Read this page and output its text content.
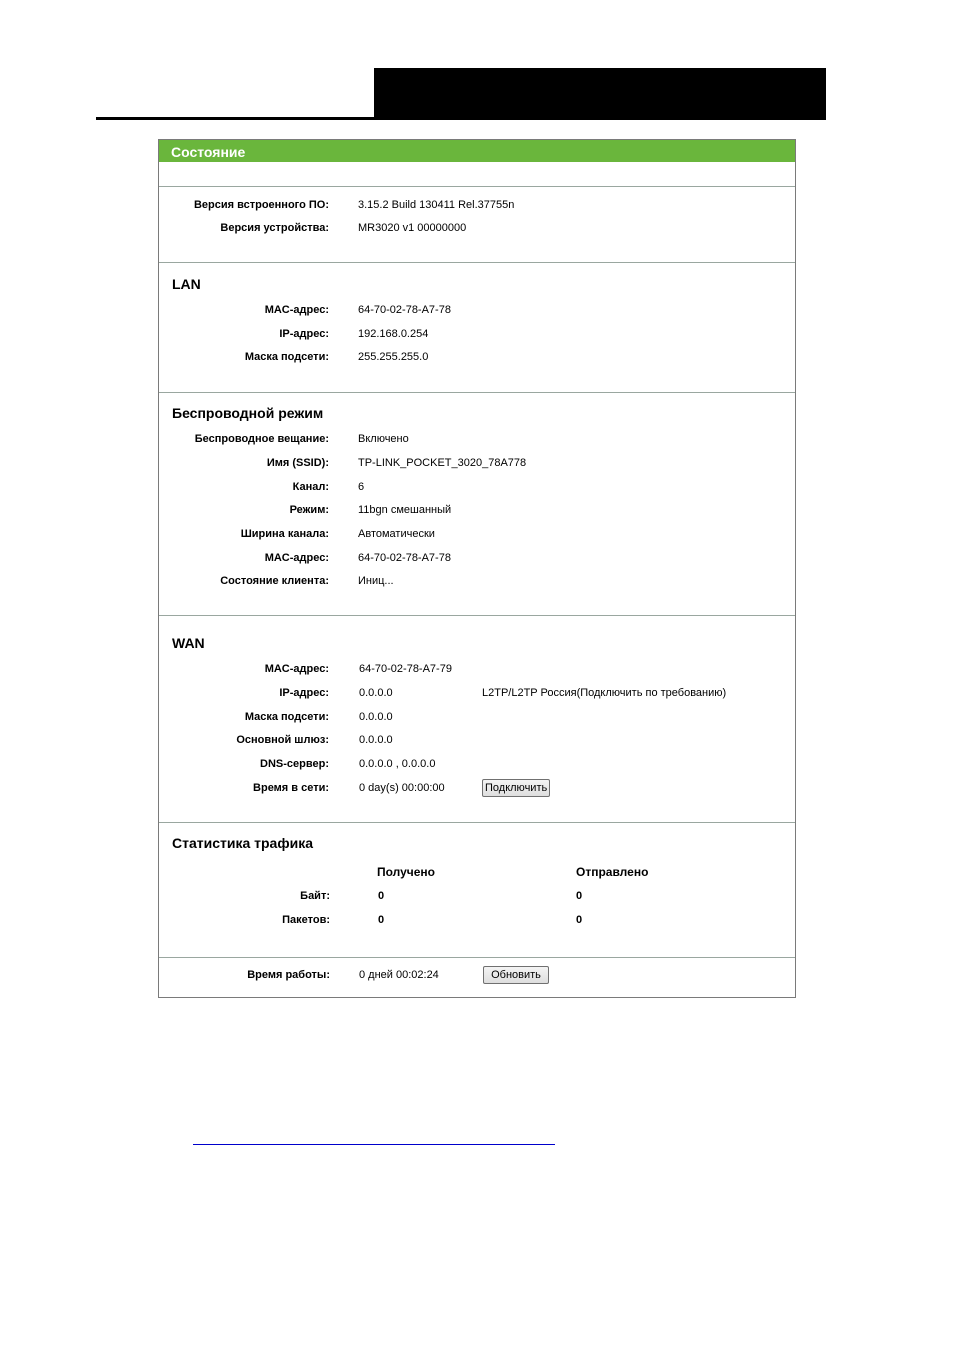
Состояние
Версия встроенного ПО:	3.15.2 Build 130411 Rel.37755n
Версия устройства:	MR3020 v1 00000000
LAN
MAC-адрес:	64-70-02-78-A7-78
IP-адрес:	192.168.0.254
Маска подсети:	255.255.255.0
Беспроводной режим
Беспроводное вещание:	Включено
Имя (SSID):	TP-LINK_POCKET_3020_78A778
Канал:	6
Режим:	11bgn смешанный
Ширина канала:	Автоматически
MAC-адрес:	64-70-02-78-A7-78
Состояние клиента:	Иниц...
WAN
MAC-адрес:	64-70-02-78-A7-79
IP-адрес:	0.0.0.0	L2TP/L2TP Россия(Подключить по требованию)
Маска подсети:	0.0.0.0
Основной шлюз:	0.0.0.0
DNS-сервер:	0.0.0.0 , 0.0.0.0
Время в сети:	0 day(s) 00:00:00	Подключить
Статистика трафика
Получено	Отправлено
Байт:	0	0
Пакетов:	0	0
Время работы:	0 дней 00:02:24	Обновить
